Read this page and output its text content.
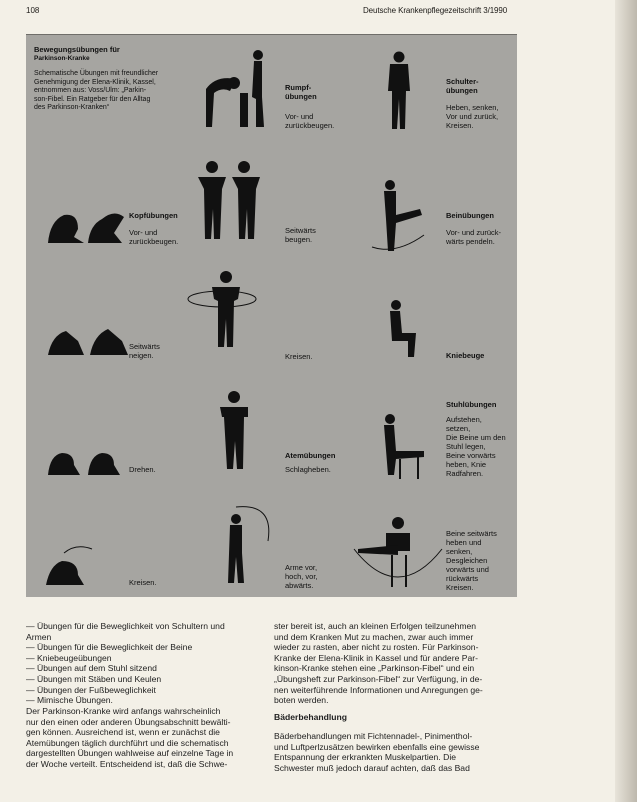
108	Deutsche Krankenpflegezeitschrift 3/1990
Bewegungsübungen für
Parkinson-Kranke
Schematische Übungen mit freundlicher
Genehmigung der Elena-Klinik, Kassel,
entnommen aus: Voss/Ulm: „Parkin-
son-Fibel. Ein Ratgeber für den Alltag
des Parkinson-Kranken“
Rumpf-
übungen
Vor- und
zurückbeugen.
Schulter-
übungen
Heben, senken,
Vor und zurück,
Kreisen.
Kopfübungen
Vor- und
zurückbeugen.
Seitwärts
beugen.
Beinübungen
Vor- und zurück-
wärts pendeln.
Seitwärts
neigen.	Kreisen.	Kniebeuge
Stuhlübungen
Aufstehen,
setzen,
Die Beine um den
Stuhl legen,
Beine vorwärts
heben, Knie
Radfahren.
Atemübungen
Schlagheben.
Drehen.
Arme vor,
hoch, vor,
abwärts.
Beine seitwärts
heben und
senken,
Desgleichen
vorwärts und
rückwärts
Kreisen.
Kreisen.
— Übungen für die Beweglichkeit von Schultern und
Armen
— Übungen für die Beweglichkeit der Beine
— Kniebeugeübungen
— Übungen auf dem Stuhl sitzend
— Übungen mit Stäben und Keulen
— Übungen der Fußbeweglichkeit
— Mimische Übungen.
Der Parkinson-Kranke wird anfangs wahrscheinlich
nur den einen oder anderen Übungsabschnitt bewälti-
gen können. Ausreichend ist, wenn er zunächst die
Atemübungen täglich durchführt und die schematisch
dargestellten Übungen wahlweise auf einzelne Tage in
der Woche verteilt. Entscheidend ist, daß die Schwe-
ster bereit ist, auch an kleinen Erfolgen teilzunehmen
und dem Kranken Mut zu machen, zwar auch immer
wieder zu rasten, aber nicht zu rosten. Für Parkinson-
Kranke der Elena-Klinik in Kassel und für andere Par-
kinson-Kranke stehen eine „Parkinson-Fibel“ und ein
„Übungsheft zur Parkinson-Fibel“ zur Verfügung, in de-
nen weiterführende Informationen und Anregungen ge-
boten werden.
Bäderbehandlung
Bäderbehandlungen mit Fichtennadel-, Pinimenthol-
und Luftperlzusätzen bewirken ebenfalls eine gewisse
Entspannung der erkrankten Muskelpartien. Die
Schwester muß jedoch darauf achten, daß das Bad
